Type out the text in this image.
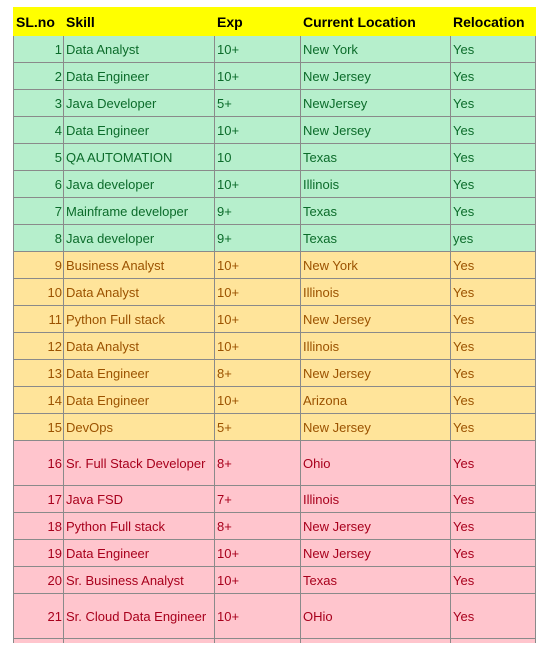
SL.no	Skill	Exp	Current Location	Relocation
1	Data Analyst	10+	New York	Yes
2	Data Engineer	10+	New Jersey	Yes
3	Java Developer	5+	NewJersey	Yes
4	Data Engineer	10+	New Jersey	Yes
5	QA AUTOMATION	10	Texas	Yes
6	Java developer	10+	Illinois	Yes
7	Mainframe developer	9+	Texas	Yes
8	Java developer	9+	Texas	yes
9	Business Analyst	10+	New York	Yes
10	Data Analyst	10+	Illinois	Yes
11	Python Full stack	10+	New Jersey	Yes
12	Data Analyst	10+	Illinois	Yes
13	Data Engineer	8+	New Jersey	Yes
14	Data Engineer	10+	Arizona	Yes
15	DevOps	5+	New Jersey	Yes
16	Sr. Full Stack Developer	8+	Ohio	Yes
17	Java FSD	7+	Illinois	Yes
18	Python Full stack	8+	New Jersey	Yes
19	Data Engineer	10+	New Jersey	Yes
20	Sr. Business Analyst	10+	Texas	Yes
21	Sr. Cloud Data Engineer	10+	OHio	Yes
